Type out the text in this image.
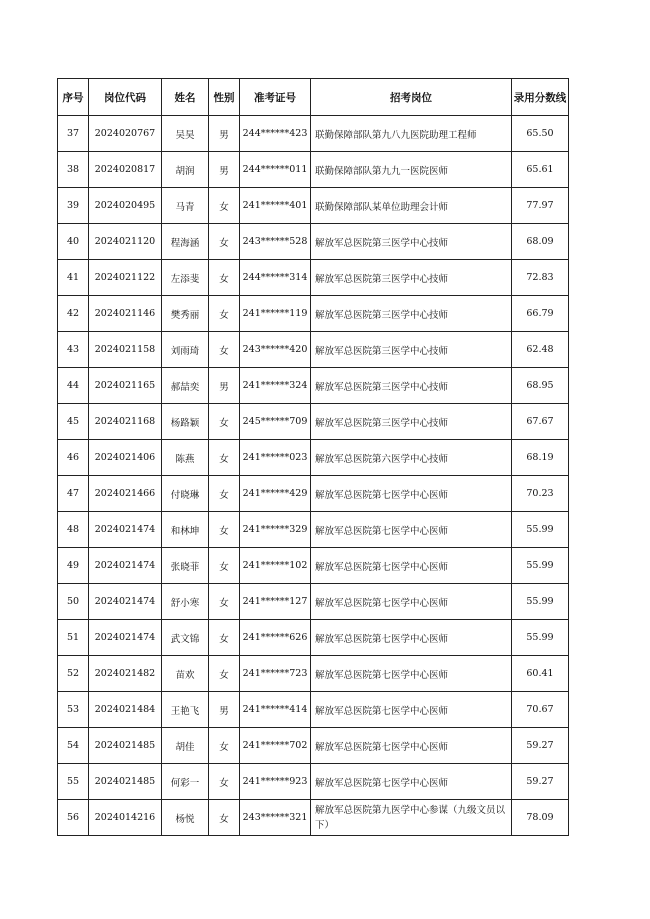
序号	岗位代码	姓名	性别	准考证号	招考岗位	录用分数线
37	2024020767	吴昊	男	244******423	联勤保障部队第九八九医院助理工程师	65.50
38	2024020817	胡润	男	244******011	联勤保障部队第九九一医院医师	65.61
39	2024020495	马青	女	241******401	联勤保障部队某单位助理会计师	77.97
40	2024021120	程海涵	女	243******528	解放军总医院第三医学中心技师	68.09
41	2024021122	左添斐	女	244******314	解放军总医院第三医学中心技师	72.83
42	2024021146	樊秀丽	女	241******119	解放军总医院第三医学中心技师	66.79
43	2024021158	刘雨琦	女	243******420	解放军总医院第三医学中心技师	62.48
44	2024021165	郝喆奕	男	241******324	解放军总医院第三医学中心技师	68.95
45	2024021168	杨路颖	女	245******709	解放军总医院第三医学中心技师	67.67
46	2024021406	陈燕	女	241******023	解放军总医院第六医学中心技师	68.19
47	2024021466	付晓琳	女	241******429	解放军总医院第七医学中心医师	70.23
48	2024021474	和林坤	女	241******329	解放军总医院第七医学中心医师	55.99
49	2024021474	张晓菲	女	241******102	解放军总医院第七医学中心医师	55.99
50	2024021474	舒小寒	女	241******127	解放军总医院第七医学中心医师	55.99
51	2024021474	武文锦	女	241******626	解放军总医院第七医学中心医师	55.99
52	2024021482	苗欢	女	241******723	解放军总医院第七医学中心医师	60.41
53	2024021484	王艳飞	男	241******414	解放军总医院第七医学中心医师	70.67
54	2024021485	胡佳	女	241******702	解放军总医院第七医学中心医师	59.27
55	2024021485	何彩一	女	241******923	解放军总医院第七医学中心医师	59.27
56	2024014216	杨悦	女	243******321	解放军总医院第九医学中心参谋（九级文员以下）	78.09
